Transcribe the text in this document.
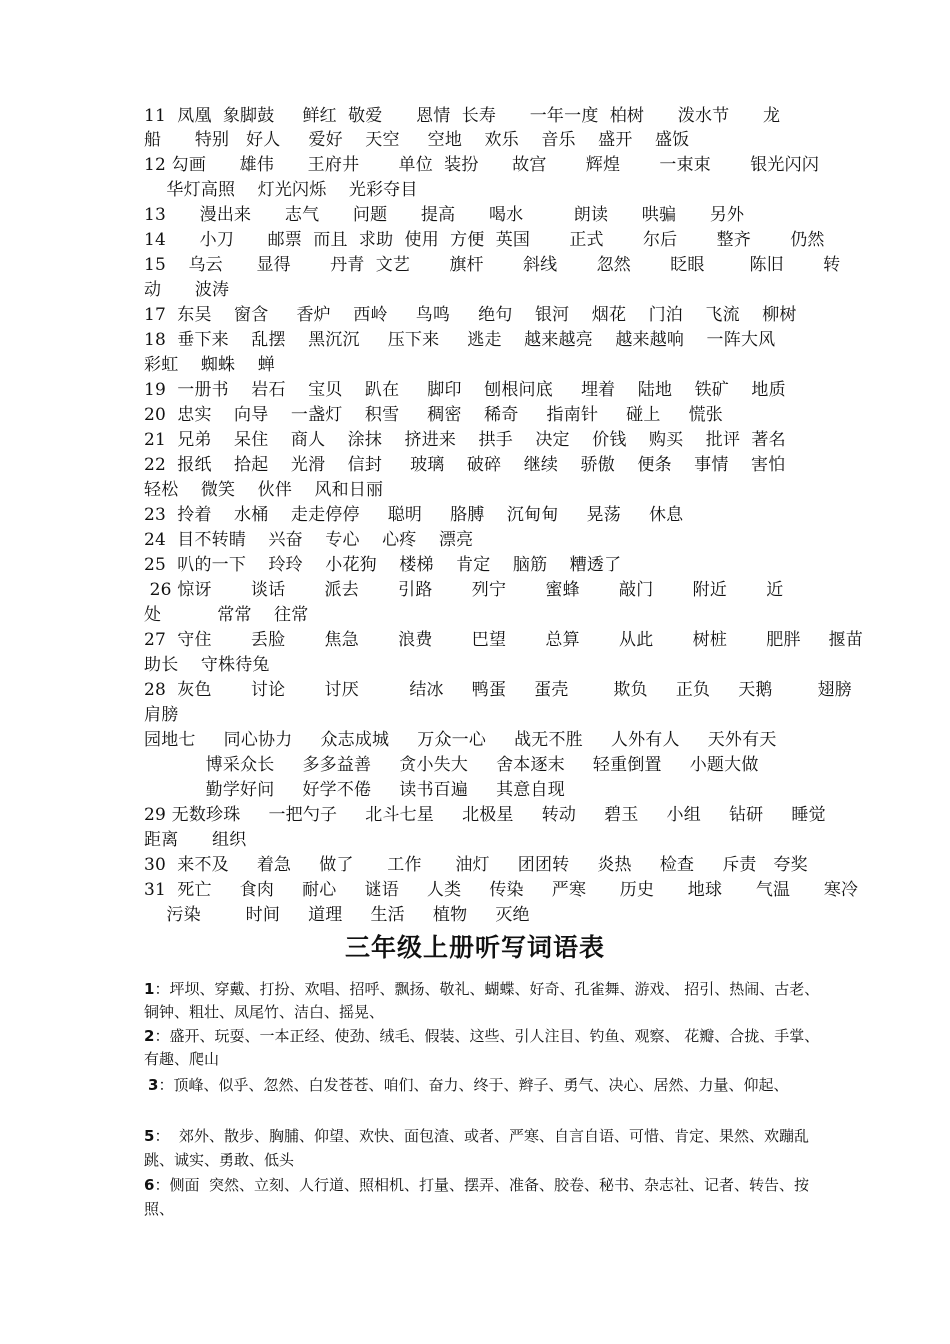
11  凤凰  象脚鼓     鲜红  敬爱      恩情  长寿      一年一度  柏树      泼水节      龙
船      特别   好人     爱好    天空     空地    欢乐    音乐    盛开    盛饭
12 勾画      雄伟      王府井       单位  装扮      故宫       辉煌       一束束       银光闪闪
华灯高照    灯光闪烁    光彩夺目
13      漫出来      志气      问题      提高      喝水         朗读      哄骗      另外
14      小刀      邮票  而且  求助  使用  方便  英国       正式       尔后       整齐       仍然
15    乌云      显得       丹青  文艺       旗杆       斜线       忽然       眨眼        陈旧       转
动      波涛
17  东吴    窗含     香炉    西岭     鸟鸣     绝句    银河    烟花    门泊    飞流    柳树
18  垂下来    乱摆    黑沉沉     压下来     逃走    越来越亮    越来越响    一阵大风
彩虹    蜘蛛    蝉
19  一册书    岩石    宝贝    趴在     脚印    刨根问底     埋着    陆地    铁矿    地质
20  忠实    向导    一盏灯    积雪     稠密    稀奇     指南针     碰上     慌张
21  兄弟    呆住    商人    涂抹    挤进来    拱手    决定    价钱    购买    批评  著名
22  报纸    拾起    光滑    信封     玻璃    破碎    继续    骄傲    便条    事情    害怕
轻松    微笑    伙伴    风和日丽
23  拎着    水桶    走走停停     聪明     胳膊    沉甸甸     晃荡     休息
24  目不转睛    兴奋    专心    心疼    漂亮
25  叭的一下    玲玲    小花狗    楼梯    肯定    脑筋    糟透了
26 惊讶       谈话       派去       引路       列宁       蜜蜂       敲门       附近       近
处          常常    往常
27  守住       丢脸       焦急       浪费       巴望       总算       从此       树桩       肥胖     揠苗
助长    守株待兔
28  灰色       讨论       讨厌         结冰     鸭蛋     蛋壳        欺负     正负     天鹅        翅膀
肩膀
园地七     同心协力     众志成城     万众一心     战无不胜     人外有人     天外有天
博采众长     多多益善     贪小失大     舍本逐末     轻重倒置     小题大做
勤学好问     好学不倦     读书百遍     其意自现
29 无数珍珠     一把勺子     北斗七星     北极星     转动     碧玉     小组     钻研     睡觉
距离      组织
30  来不及     着急     做了      工作      油灯     团团转     炎热     检查     斥责   夸奖
31  死亡     食肉     耐心     谜语     人类     传染     严寒      历史      地球      气温      寒冷
污染        时间     道理     生活     植物     灭绝
三年级上册听写词语表
1：坪坝、穿戴、打扮、欢唱、招呼、飘扬、敬礼、蝴蝶、好奇、孔雀舞、游戏、 招引、热闹、古老、
铜钟、粗壮、凤尾竹、洁白、摇晃、
2：盛开、玩耍、一本正经、使劲、绒毛、假装、这些、引人注目、钓鱼、观察、 花瓣、合拢、手掌、
有趣、爬山
3：顶峰、似乎、忽然、白发苍苍、咱们、奋力、终于、辫子、勇气、决心、居然、力量、仰起、
5：  郊外、散步、胸脯、仰望、欢快、面包渣、或者、严寒、自言自语、可惜、肯定、果然、欢蹦乱
跳、诚实、勇敢、低头
6：侧面  突然、立刻、人行道、照相机、打量、摆弄、准备、胶卷、秘书、杂志社、记者、转告、按
照、
